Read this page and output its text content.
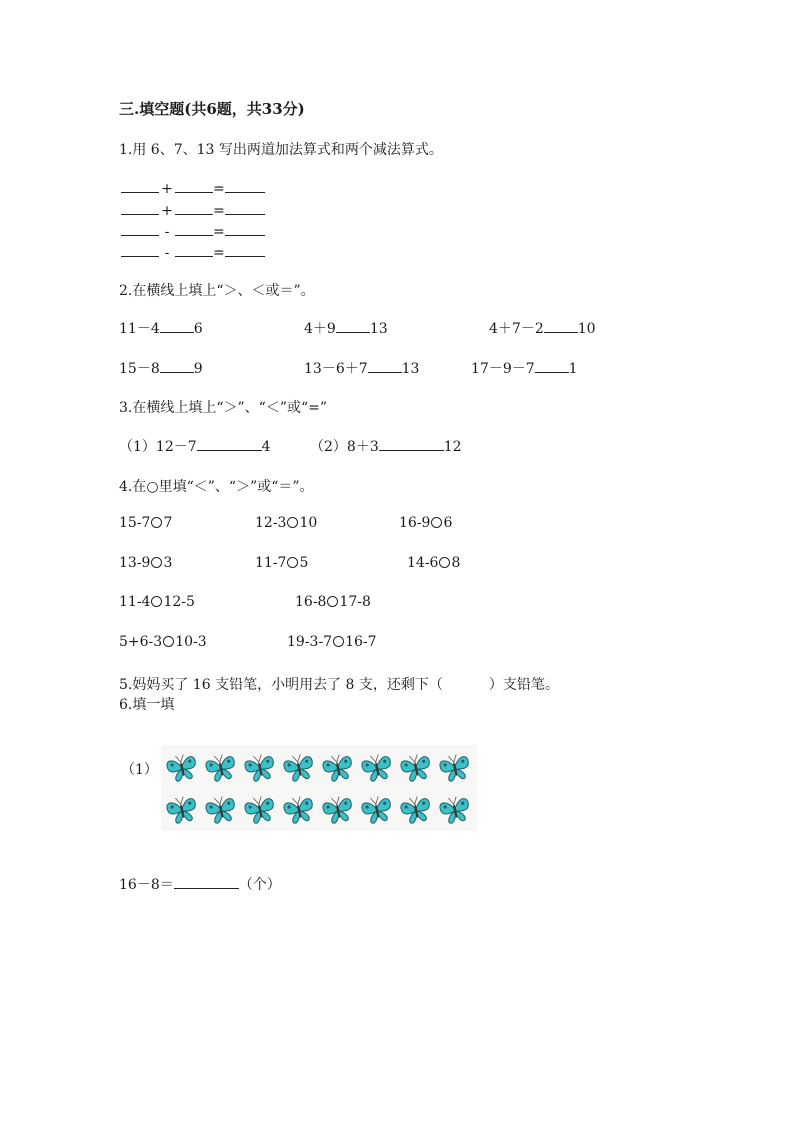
三.填空题(共6题，共33分)
1.用 6、7、13 写出两道加法算式和两个减法算式。
+	=
+	=
-	=
-	=
2.在横线上填上“＞、＜或＝”。
11－4 6	4＋9 13	4＋7－2 10
15－8 9	13－6＋7 13	17－9－7 1
3.在横线上填上“＞”、“＜”或“=”
（1）12－7	4	（2）8＋3	12
4.在○里填“＜”、“＞”或“＝”。
15-7 7	12-3 10	16-9 6
13-9 3	11-7 5	14-6 8
11-4 12-5	16-8 17-8
5+6-3 10-3	19-3-7 16-7
5.妈妈买了 16 支铅笔，小明用去了 8 支，还剩下（	）支铅笔。
6.填一填
（1）
16－8＝	（个）
